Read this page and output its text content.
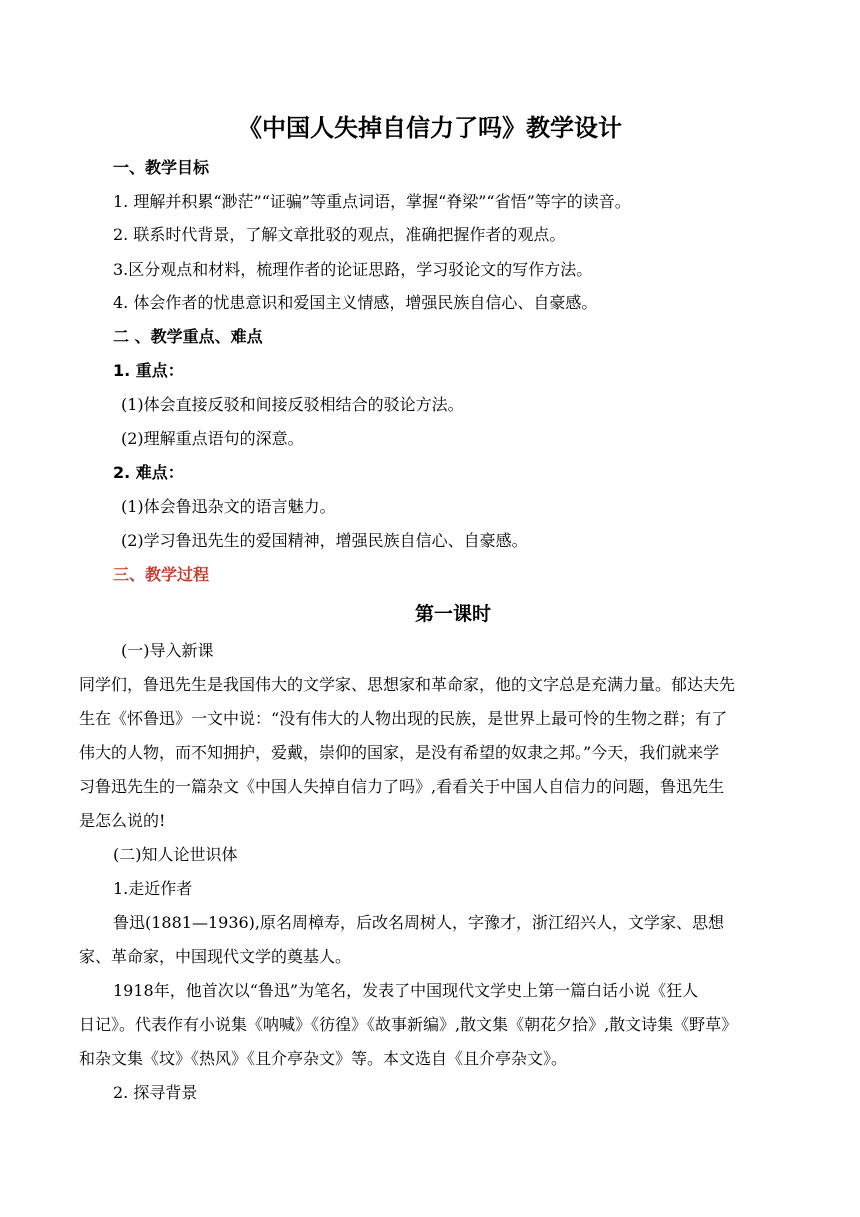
《中国人失掉自信力了吗》教学设计
一、教学目标
1. 理解并积累“渺茫”“证骗”等重点词语，掌握“脊梁”“省悟”等字的读音。
2. 联系时代背景，了解文章批驳的观点，准确把握作者的观点。
3.区分观点和材料，梳理作者的论证思路，学习驳论文的写作方法。
4. 体会作者的忧患意识和爱国主义情感，增强民族自信心、自豪感。
二 、教学重点、难点
1. 重点：
(1)体会直接反驳和间接反驳相结合的驳论方法。
(2)理解重点语句的深意。
2. 难点：
(1)体会鲁迅杂文的语言魅力。
(2)学习鲁迅先生的爱国精神，增强民族自信心、自豪感。
三、教学过程
第一课时
(一)导入新课
同学们，鲁迅先生是我国伟大的文学家、思想家和革命家，他的文字总是充满力量。郁达夫先
生在《怀鲁迅》一文中说：“没有伟大的人物出现的民族，是世界上最可怜的生物之群；有了
伟大的人物，而不知拥护，爱戴，崇仰的国家，是没有希望的奴隶之邦。”今天，我们就来学
习鲁迅先生的一篇杂文《中国人失掉自信力了吗》,看看关于中国人自信力的问题，鲁迅先生
是怎么说的!
(二)知人论世识体
1.走近作者
鲁迅(1881—1936),原名周樟寿，后改名周树人，字豫才，浙江绍兴人，文学家、思想
家、革命家，中国现代文学的奠基人。
1918年，他首次以“鲁迅”为笔名，发表了中国现代文学史上第一篇白话小说《狂人
日记》。代表作有小说集《呐喊》《彷徨》《故事新编》,散文集《朝花夕拾》,散文诗集《野草》
和杂文集《坟》《热风》《且介亭杂文》等。本文选自《且介亭杂文》。
2. 探寻背景
